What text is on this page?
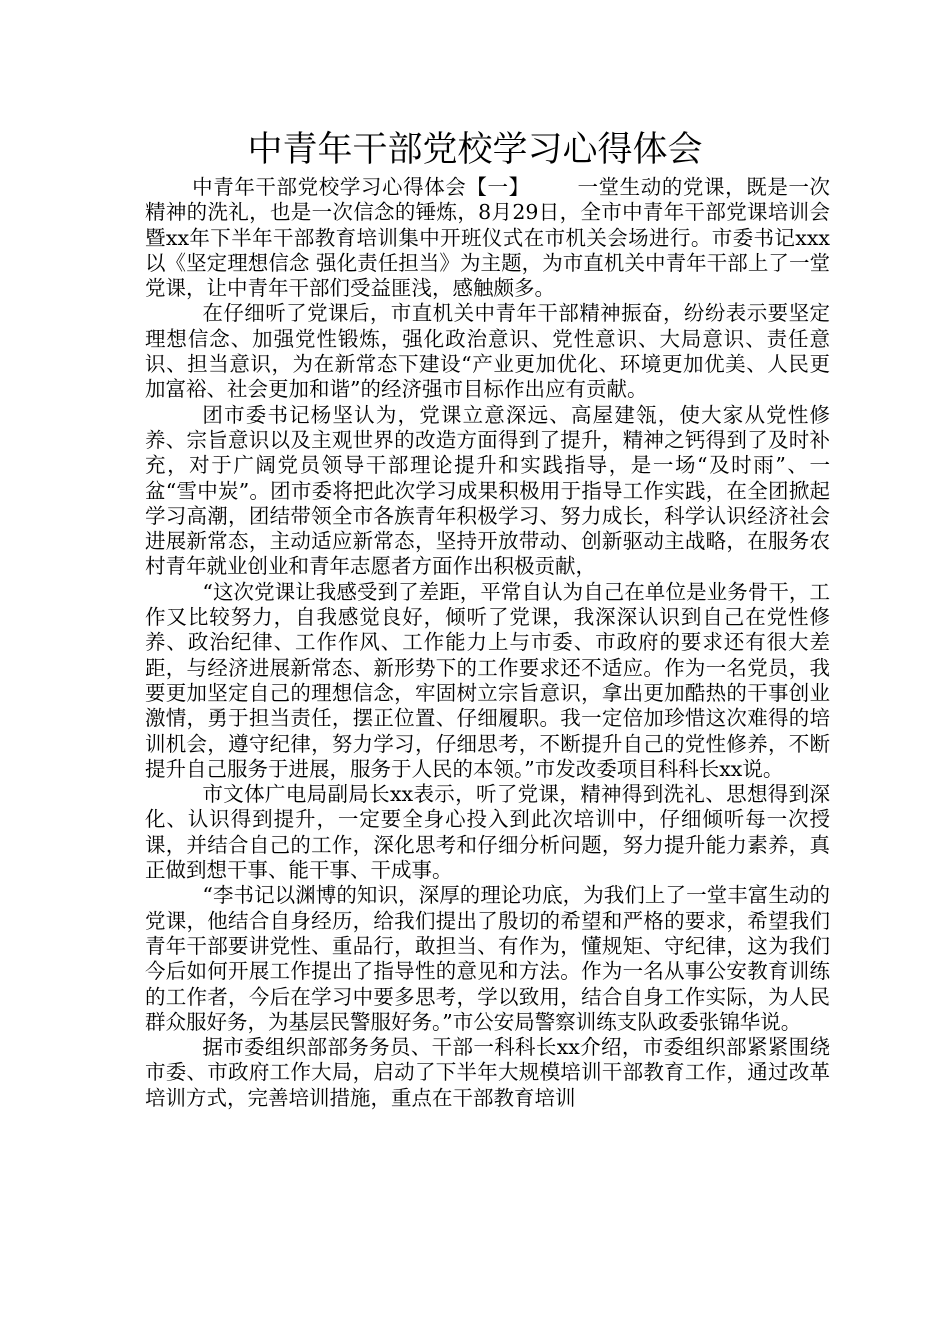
中青年干部党校学习心得体会

中青年干部党校学习心得体会【一】 一堂生动的党课，既是一次精神的洗礼，也是一次信念的锤炼，8月29日，全市中青年干部党课培训会暨xx年下半年干部教育培训集中开班仪式在市机关会场进行。市委书记xxx以《坚定理想信念 强化责任担当》为主题，为市直机关中青年干部上了一堂党课，让中青年干部们受益匪浅，感触颇多。

在仔细听了党课后，市直机关中青年干部精神振奋，纷纷表示要坚定理想信念、加强党性锻炼，强化政治意识、党性意识、大局意识、责任意识、担当意识，为在新常态下建设“产业更加优化、环境更加优美、人民更加富裕、社会更加和谐”的经济强市目标作出应有贡献。

团市委书记杨坚认为，党课立意深远、高屋建瓴，使大家从党性修养、宗旨意识以及主观世界的改造方面得到了提升，精神之钙得到了及时补充，对于广阔党员领导干部理论提升和实践指导，是一场“及时雨”、一盆“雪中炭”。团市委将把此次学习成果积极用于指导工作实践，在全团掀起学习高潮，团结带领全市各族青年积极学习、努力成长，科学认识经济社会进展新常态，主动适应新常态，坚持开放带动、创新驱动主战略，在服务农村青年就业创业和青年志愿者方面作出积极贡献，

“这次党课让我感受到了差距，平常自认为自己在单位是业务骨干，工作又比较努力，自我感觉良好，倾听了党课，我深深认识到自己在党性修养、政治纪律、工作作风、工作能力上与市委、市政府的要求还有很大差距，与经济进展新常态、新形势下的工作要求还不适应。作为一名党员，我要更加坚定自己的理想信念，牢固树立宗旨意识，拿出更加酷热的干事创业激情，勇于担当责任，摆正位置、仔细履职。我一定倍加珍惜这次难得的培训机会，遵守纪律，努力学习，仔细思考，不断提升自己的党性修养，不断提升自己服务于进展，服务于人民的本领。”市发改委项目科科长xx说。

市文体广电局副局长xx表示，听了党课，精神得到洗礼、思想得到深化、认识得到提升，一定要全身心投入到此次培训中，仔细倾听每一次授课，并结合自己的工作，深化思考和仔细分析问题，努力提升能力素养，真正做到想干事、能干事、干成事。

“李书记以渊博的知识，深厚的理论功底，为我们上了一堂丰富生动的党课，他结合自身经历，给我们提出了殷切的希望和严格的要求，希望我们青年干部要讲党性、重品行，敢担当、有作为，懂规矩、守纪律，这为我们今后如何开展工作提出了指导性的意见和方法。作为一名从事公安教育训练的工作者，今后在学习中要多思考，学以致用，结合自身工作实际，为人民群众服好务，为基层民警服好务。”市公安局警察训练支队政委张锦华说。

据市委组织部部务务员、干部一科科长xx介绍，市委组织部紧紧围绕市委、市政府工作大局，启动了下半年大规模培训干部教育工作，通过改革培训方式，完善培训措施，重点在干部教育培训
